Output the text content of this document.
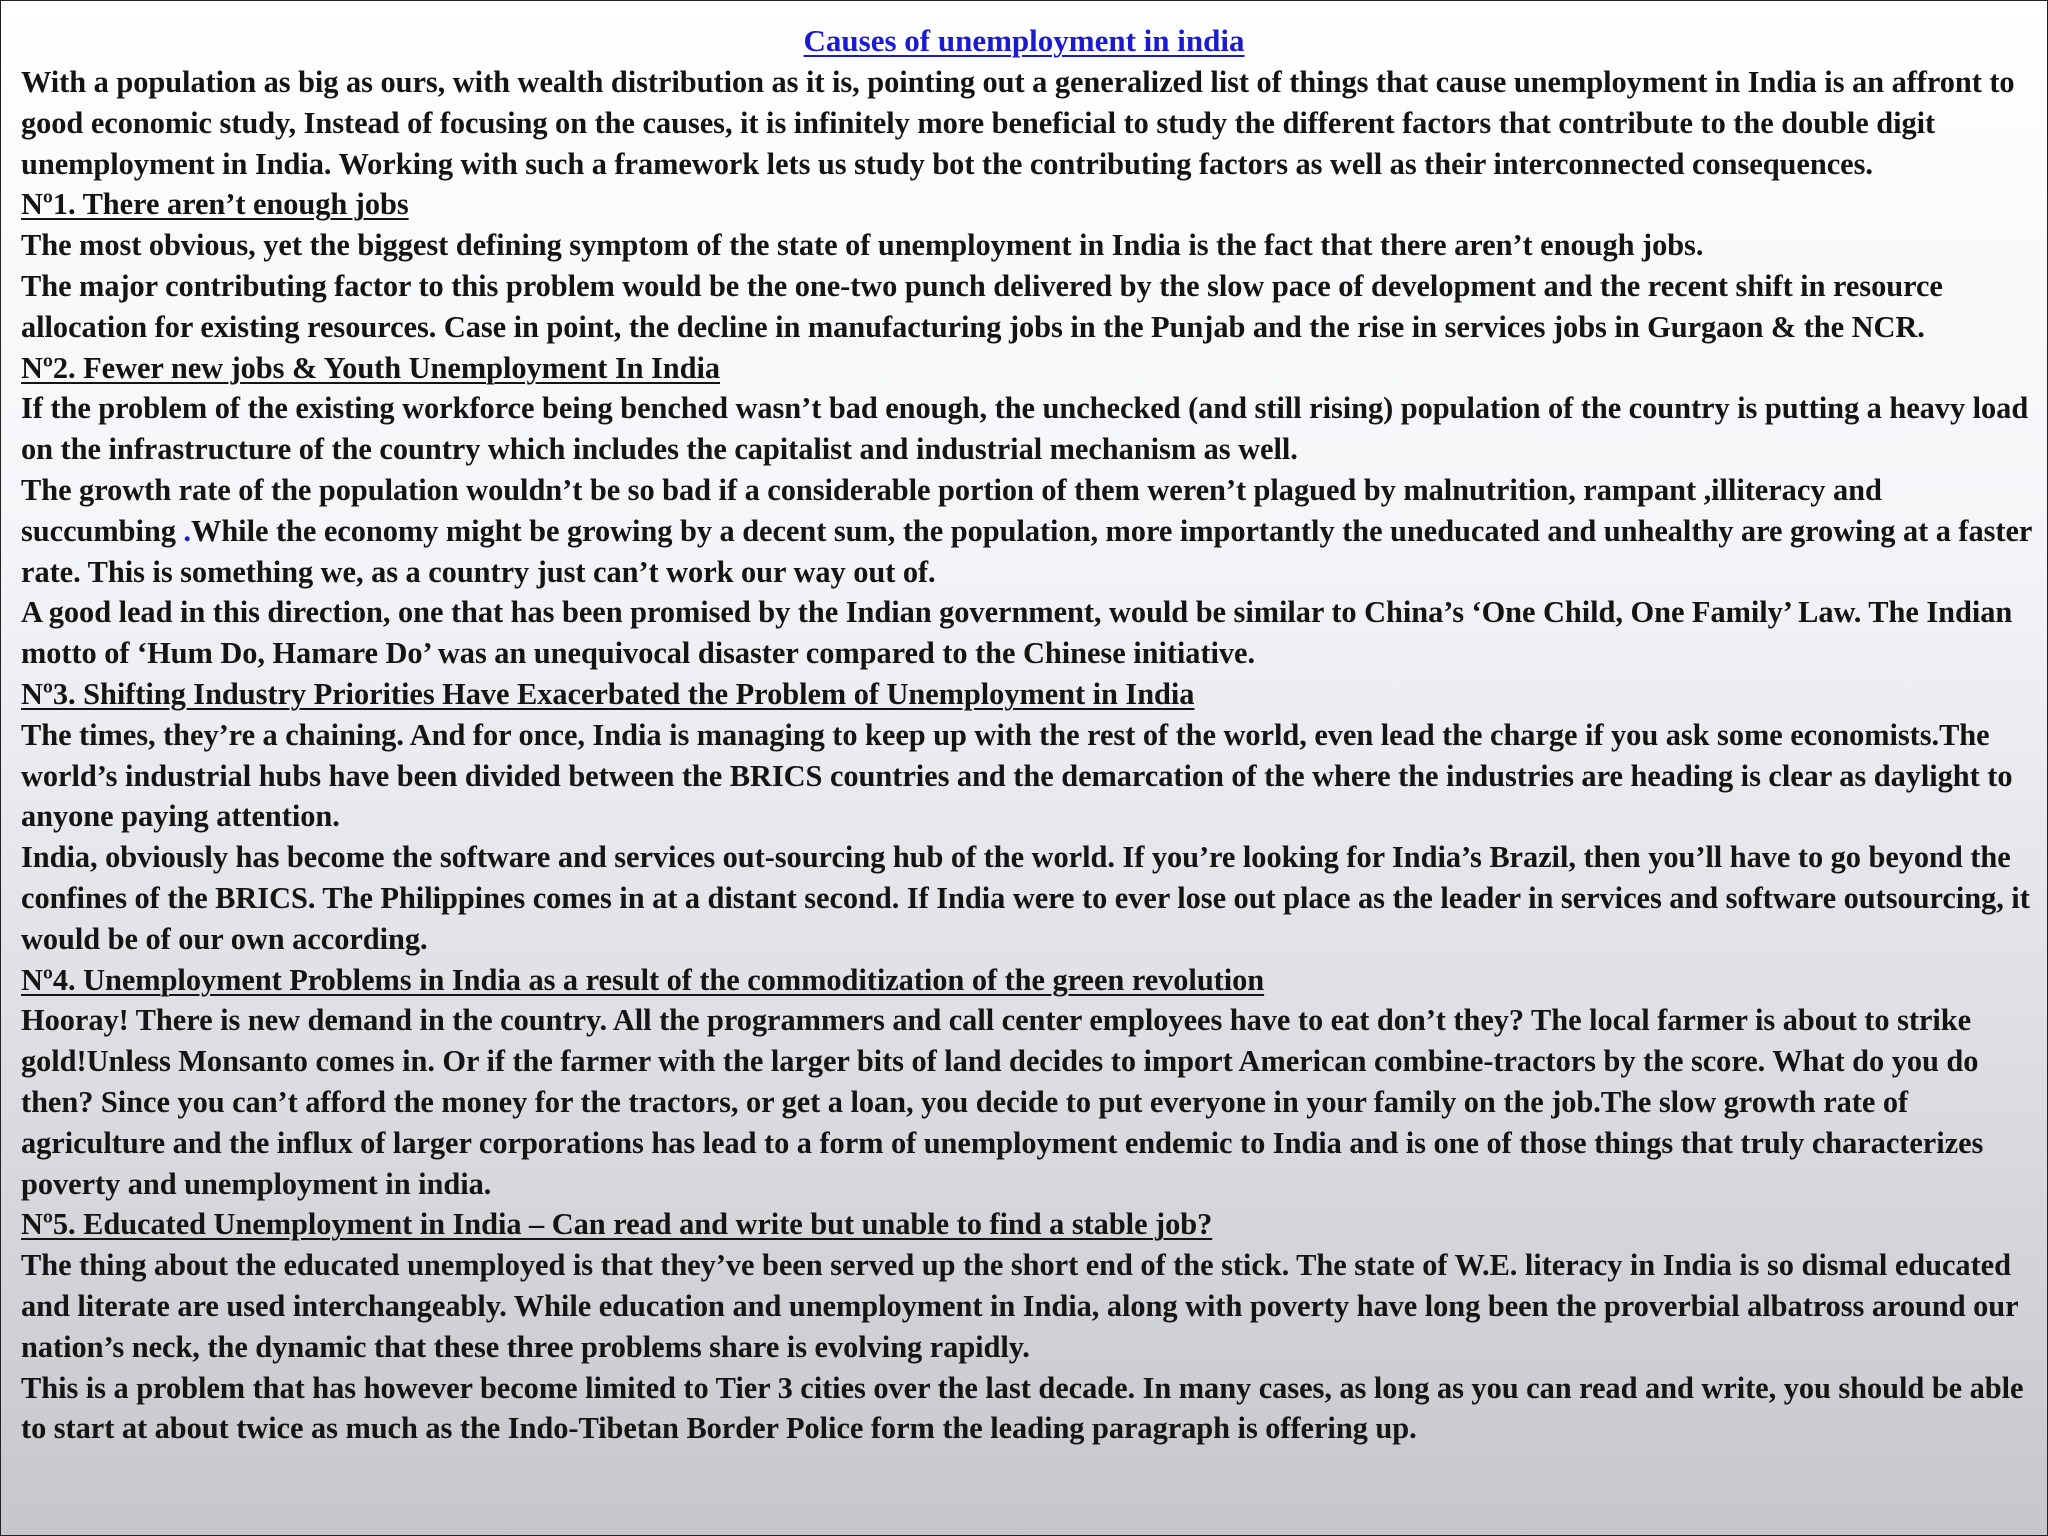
Causes of unemployment in india

With a population as big as ours, with wealth distribution as it is, pointing out a generalized list of things that cause unemployment in India is an affront to good economic study, Instead of focusing on the causes, it is infinitely more beneficial to study the different factors that contribute to the double digit unemployment in India. Working with such a framework lets us study bot the contributing factors as well as their interconnected consequences.

Nº1. There aren’t enough jobs

The most obvious, yet the biggest defining symptom of the state of unemployment in India is the fact that there aren’t enough jobs.

The major contributing factor to this problem would be the one-two punch delivered by the slow pace of development and the recent shift in resource allocation for existing resources. Case in point, the decline in manufacturing jobs in the Punjab and the rise in services jobs in Gurgaon & the NCR.

Nº2. Fewer new jobs & Youth Unemployment In India

If the problem of the existing workforce being benched wasn’t bad enough, the unchecked (and still rising) population of the country is putting a heavy load on the infrastructure of the country which includes the capitalist and industrial mechanism as well.

The growth rate of the population wouldn’t be so bad if a considerable portion of them weren’t plagued by malnutrition, rampant ,illiteracy and succumbing .While the economy might be growing by a decent sum, the population, more importantly the uneducated and unhealthy are growing at a faster rate. This is something we, as a country just can’t work our way out of.

A good lead in this direction, one that has been promised by the Indian government, would be similar to China’s ‘One Child, One Family’ Law. The Indian motto of ‘Hum Do, Hamare Do’ was an unequivocal disaster compared to the Chinese initiative.

Nº3. Shifting Industry Priorities Have Exacerbated the Problem of Unemployment in India

The times, they’re a chaining. And for once, India is managing to keep up with the rest of the world, even lead the charge if you ask some economists.The world’s industrial hubs have been divided between the BRICS countries and the demarcation of the where the industries are heading is clear as daylight to anyone paying attention.

India, obviously has become the software and services out-sourcing hub of the world. If you’re looking for India’s Brazil, then you’ll have to go beyond the confines of the BRICS. The Philippines comes in at a distant second. If India were to ever lose out place as the leader in services and software outsourcing, it would be of our own according.

Nº4. Unemployment Problems in India as a result of the commoditization of the green revolution

Hooray! There is new demand in the country. All the programmers and call center employees have to eat don’t they? The local farmer is about to strike gold!Unless Monsanto comes in. Or if the farmer with the larger bits of land decides to import American combine-tractors by the score. What do you do then? Since you can’t afford the money for the tractors, or get a loan, you decide to put everyone in your family on the job.The slow growth rate of agriculture and the influx of larger corporations has lead to a form of unemployment endemic to India and is one of those things that truly characterizes poverty and unemployment in india.

Nº5. Educated Unemployment in India – Can read and write but unable to find a stable job?

The thing about the educated unemployed is that they’ve been served up the short end of the stick. The state of W.E. literacy in India is so dismal educated and literate are used interchangeably. While education and unemployment in India, along with poverty have long been the proverbial albatross around our nation’s neck, the dynamic that these three problems share is evolving rapidly.

This is a problem that has however become limited to Tier 3 cities over the last decade. In many cases, as long as you can read and write, you should be able to start at about twice as much as the Indo-Tibetan Border Police form the leading paragraph is offering up.
